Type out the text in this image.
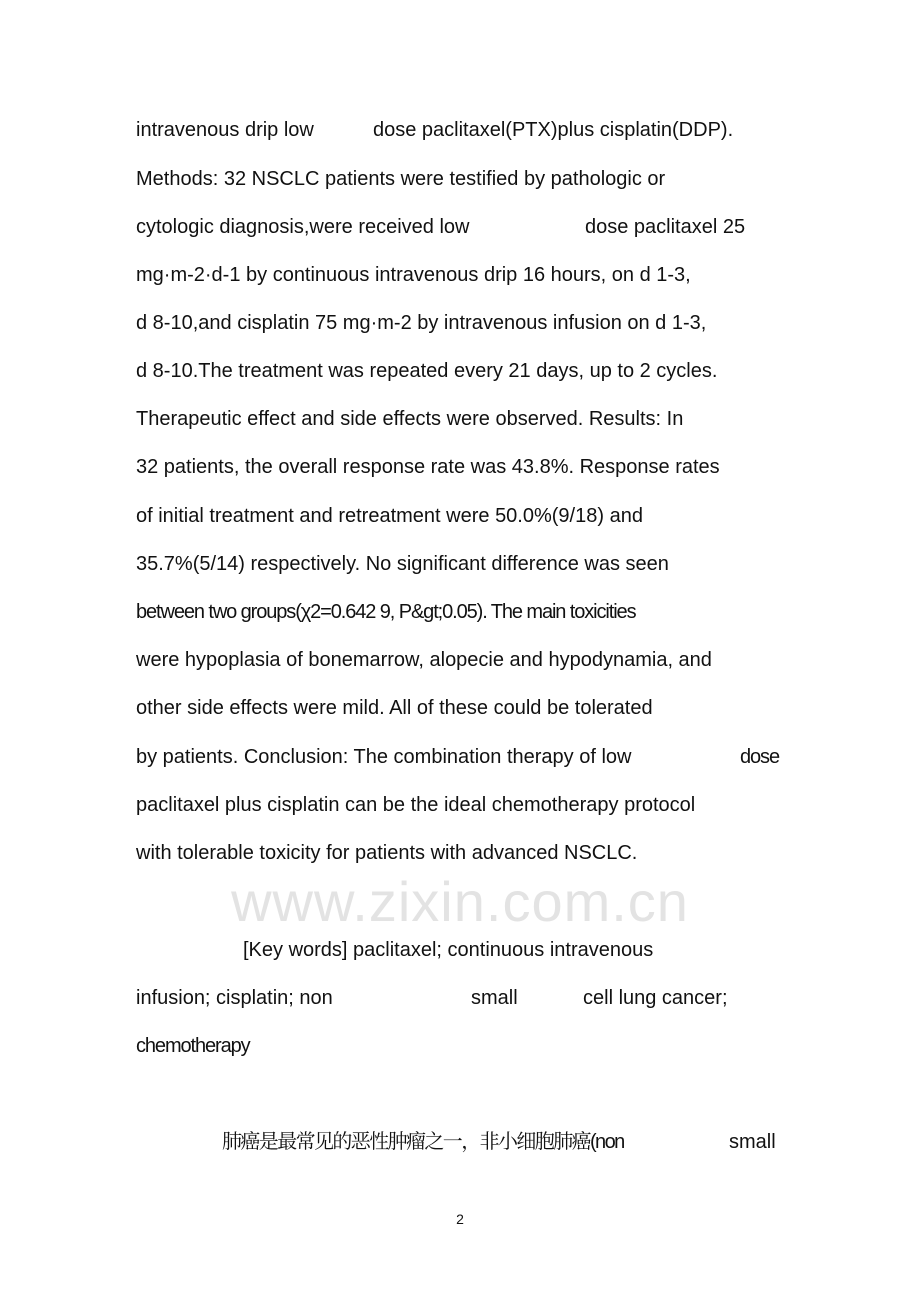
www.zixin.com.cn
intravenous drip low	dose paclitaxel(PTX)plus cisplatin(DDP).
Methods: 32 NSCLC patients were testified by pathologic or
cytologic diagnosis,were received low	dose paclitaxel 25
mg·m-2·d-1 by continuous intravenous drip 16 hours, on d 1-3,
d 8-10,and cisplatin 75 mg·m-2 by intravenous infusion on d 1-3,
d 8-10.The treatment was repeated every 21 days, up to 2 cycles.
Therapeutic effect and side effects were observed. Results: In
32 patients, the overall response rate was 43.8%. Response rates
of initial treatment and retreatment were 50.0%(9/18) and
35.7%(5/14) respectively. No significant difference was seen
between two groups(χ2=0.642 9, P&gt;0.05). The main toxicities
were hypoplasia of bonemarrow, alopecie and hypodynamia, and
other side effects were mild. All of these could be tolerated
by patients. Conclusion: The combination therapy of low	dose
paclitaxel plus cisplatin can be the ideal chemotherapy protocol
with tolerable toxicity for patients with advanced NSCLC.
[Key words] paclitaxel; continuous intravenous
infusion; cisplatin; non	small	cell lung cancer;
chemotherapy
肺癌是最常见的恶性肿瘤之一，非小细胞肺癌(non	small
2
